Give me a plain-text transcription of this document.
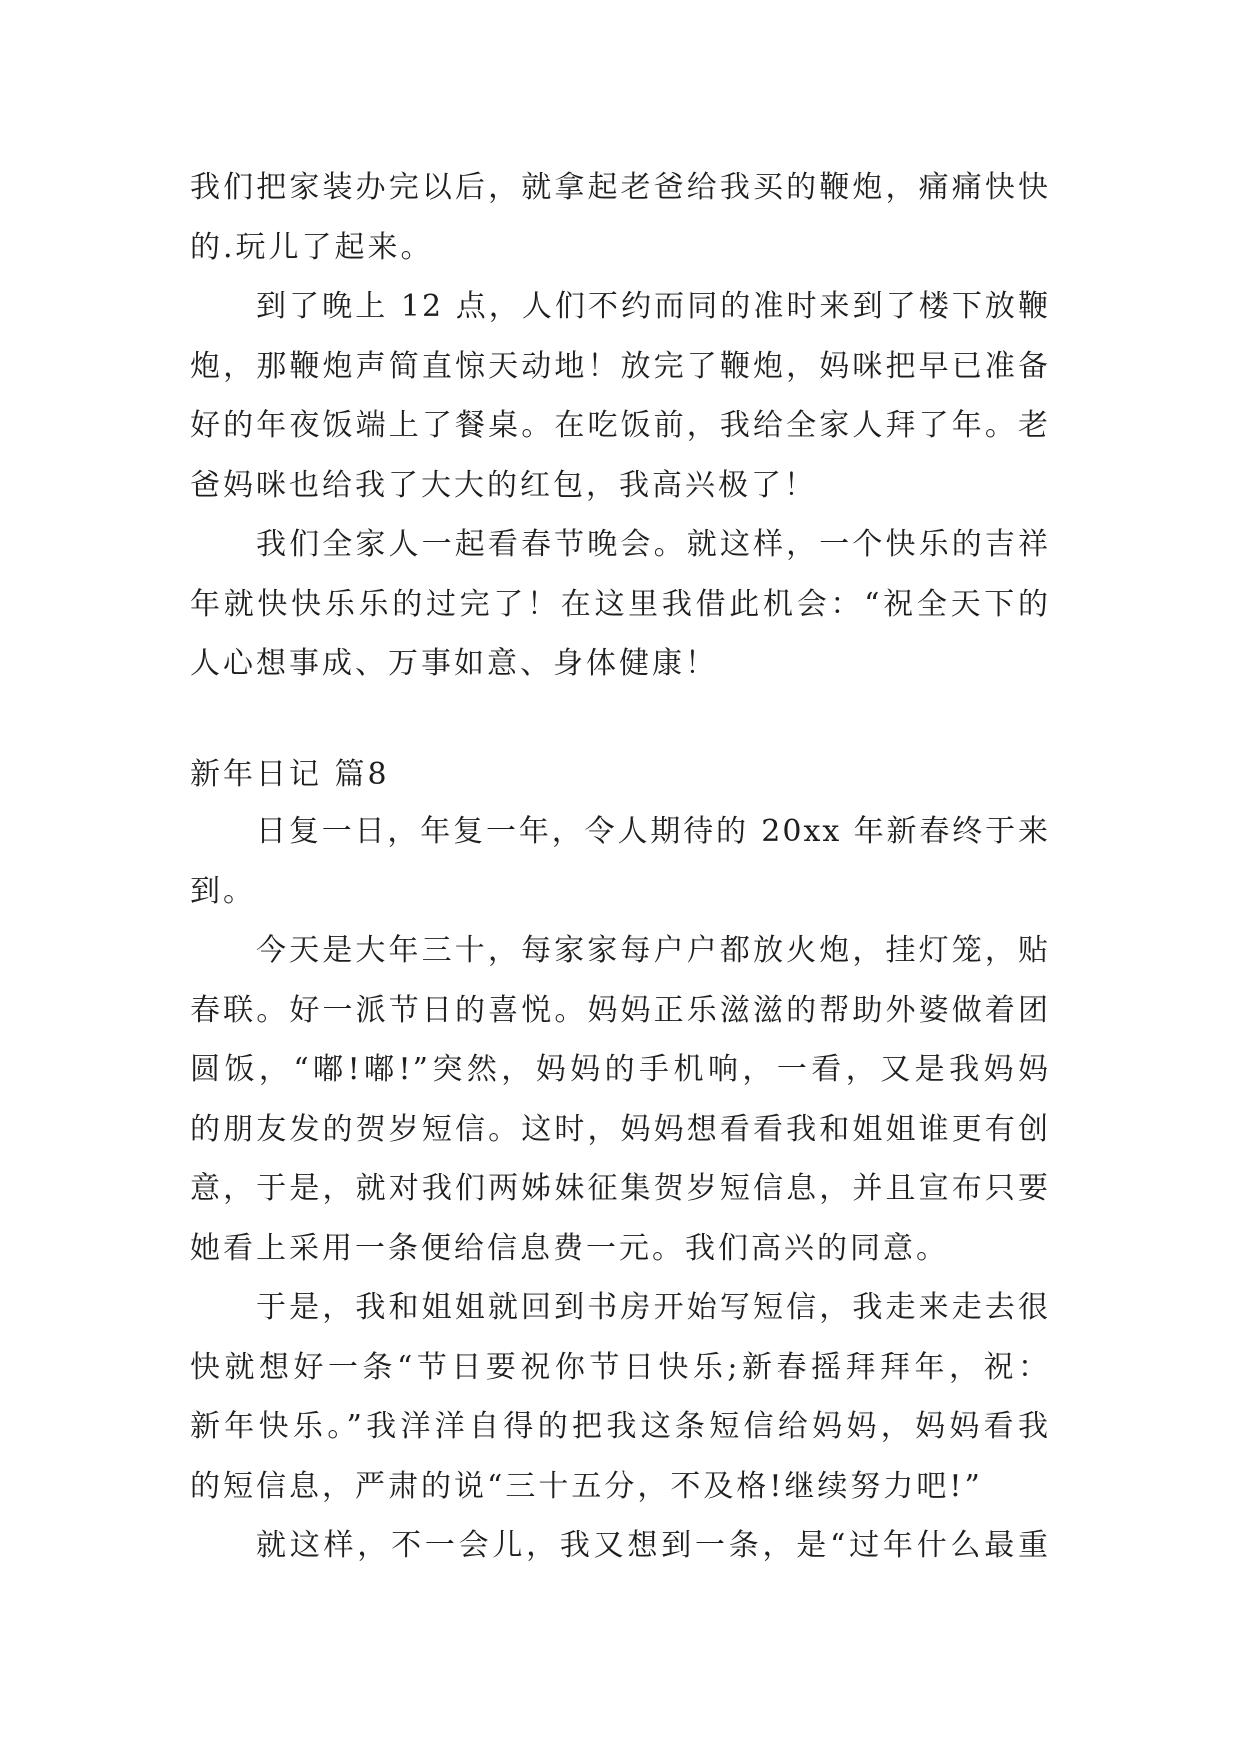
我们把家装办完以后，就拿起老爸给我买的鞭炮，痛痛快快
的.玩儿了起来。
到了晚上 12 点，人们不约而同的准时来到了楼下放鞭
炮，那鞭炮声简直惊天动地！放完了鞭炮，妈咪把早已准备
好的年夜饭端上了餐桌。在吃饭前，我给全家人拜了年。老
爸妈咪也给我了大大的红包，我高兴极了！
我们全家人一起看春节晚会。就这样，一个快乐的吉祥
年就快快乐乐的过完了！在这里我借此机会：“祝全天下的
人心想事成、万事如意、身体健康！
新年日记 篇8
日复一日，年复一年，令人期待的 20xx 年新春终于来
到。
今天是大年三十，每家家每户户都放火炮，挂灯笼，贴
春联。好一派节日的喜悦。妈妈正乐滋滋的帮助外婆做着团
圆饭，“嘟!嘟!”突然，妈妈的手机响，一看，又是我妈妈
的朋友发的贺岁短信。这时，妈妈想看看我和姐姐谁更有创
意，于是，就对我们两姊妹征集贺岁短信息，并且宣布只要
她看上采用一条便给信息费一元。我们高兴的同意。
于是，我和姐姐就回到书房开始写短信，我走来走去很
快就想好一条“节日要祝你节日快乐;新春摇拜拜年，祝：
新年快乐。”我洋洋自得的把我这条短信给妈妈，妈妈看我
的短信息，严肃的说“三十五分，不及格!继续努力吧!”
就这样，不一会儿，我又想到一条，是“过年什么最重
